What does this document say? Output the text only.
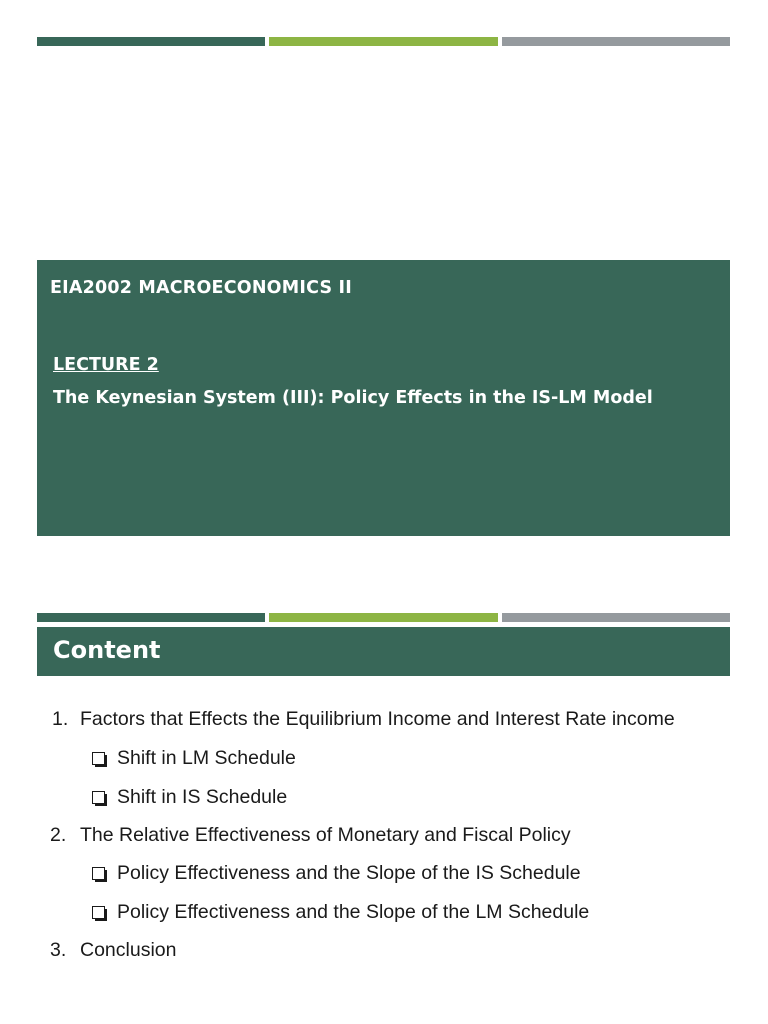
EIA2002 MACROECONOMICS II
LECTURE 2
The Keynesian System (III): Policy Effects in the IS-LM Model
Content
1. Factors that Effects the Equilibrium Income and Interest Rate income
Shift in LM Schedule
Shift in IS Schedule
2. The Relative Effectiveness of Monetary and Fiscal Policy
Policy Effectiveness and the Slope of the IS Schedule
Policy Effectiveness and the Slope of the LM Schedule
3. Conclusion
